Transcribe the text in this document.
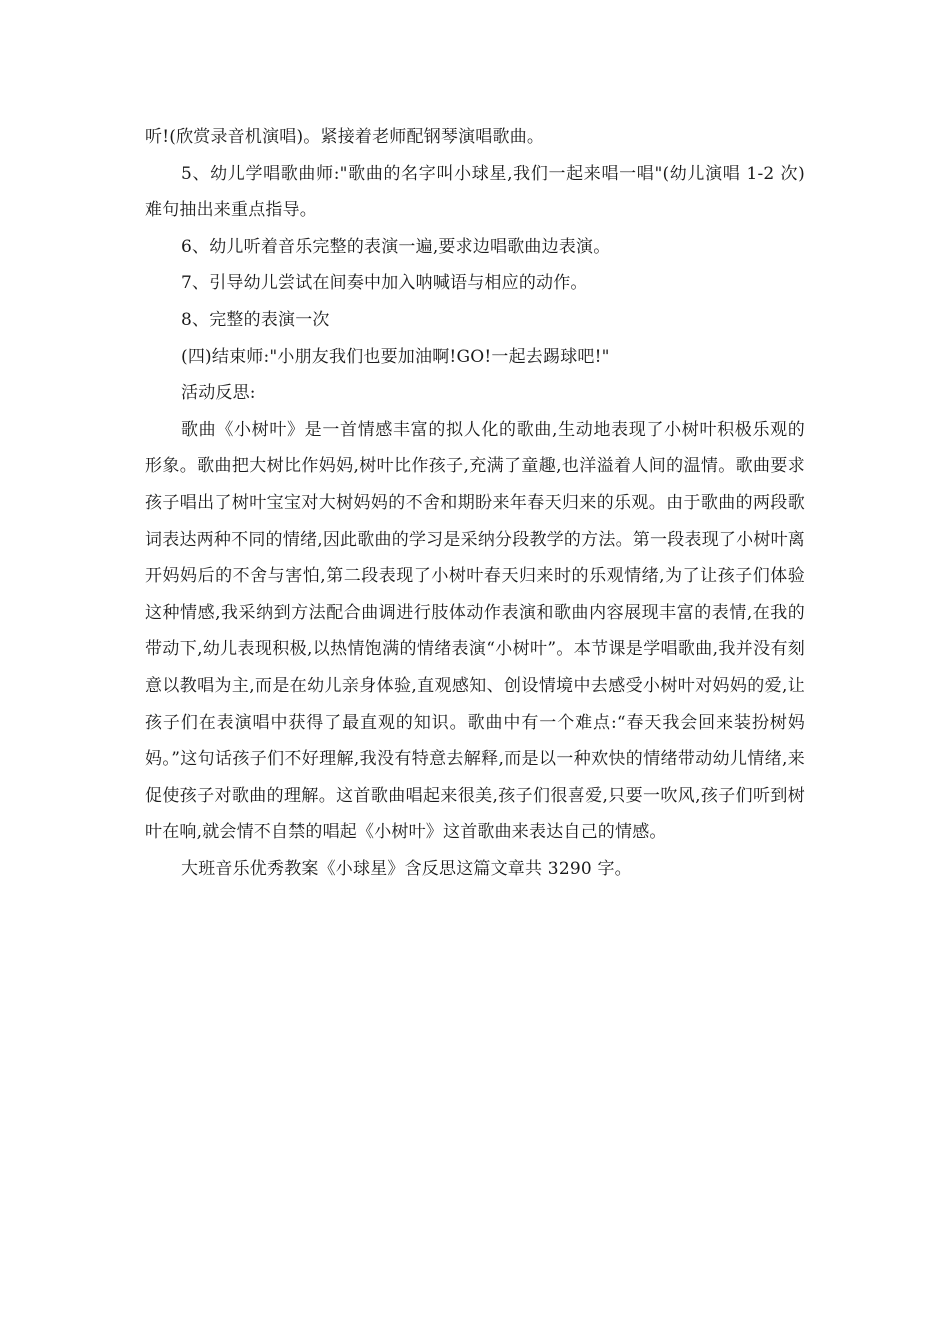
听!(欣赏录音机演唱)。紧接着老师配钢琴演唱歌曲。

5、幼儿学唱歌曲师:"歌曲的名字叫小球星,我们一起来唱一唱"(幼儿演唱 1-2 次)难句抽出来重点指导。

6、幼儿听着音乐完整的表演一遍,要求边唱歌曲边表演。

7、引导幼儿尝试在间奏中加入呐喊语与相应的动作。

8、完整的表演一次

(四)结束师:"小朋友我们也要加油啊!GO!一起去踢球吧!"

活动反思:

歌曲《小树叶》是一首情感丰富的拟人化的歌曲,生动地表现了小树叶积极乐观的形象。歌曲把大树比作妈妈,树叶比作孩子,充满了童趣,也洋溢着人间的温情。歌曲要求孩子唱出了树叶宝宝对大树妈妈的不舍和期盼来年春天归来的乐观。由于歌曲的两段歌词表达两种不同的情绪,因此歌曲的学习是采纳分段教学的方法。第一段表现了小树叶离开妈妈后的不舍与害怕,第二段表现了小树叶春天归来时的乐观情绪,为了让孩子们体验这种情感,我采纳到方法配合曲调进行肢体动作表演和歌曲内容展现丰富的表情,在我的带动下,幼儿表现积极,以热情饱满的情绪表演“小树叶”。本节课是学唱歌曲,我并没有刻意以教唱为主,而是在幼儿亲身体验,直观感知、创设情境中去感受小树叶对妈妈的爱,让孩子们在表演唱中获得了最直观的知识。歌曲中有一个难点:“春天我会回来装扮树妈妈。”这句话孩子们不好理解,我没有特意去解释,而是以一种欢快的情绪带动幼儿情绪,来促使孩子对歌曲的理解。这首歌曲唱起来很美,孩子们很喜爱,只要一吹风,孩子们听到树叶在响,就会情不自禁的唱起《小树叶》这首歌曲来表达自己的情感。

大班音乐优秀教案《小球星》含反思这篇文章共 3290 字。
